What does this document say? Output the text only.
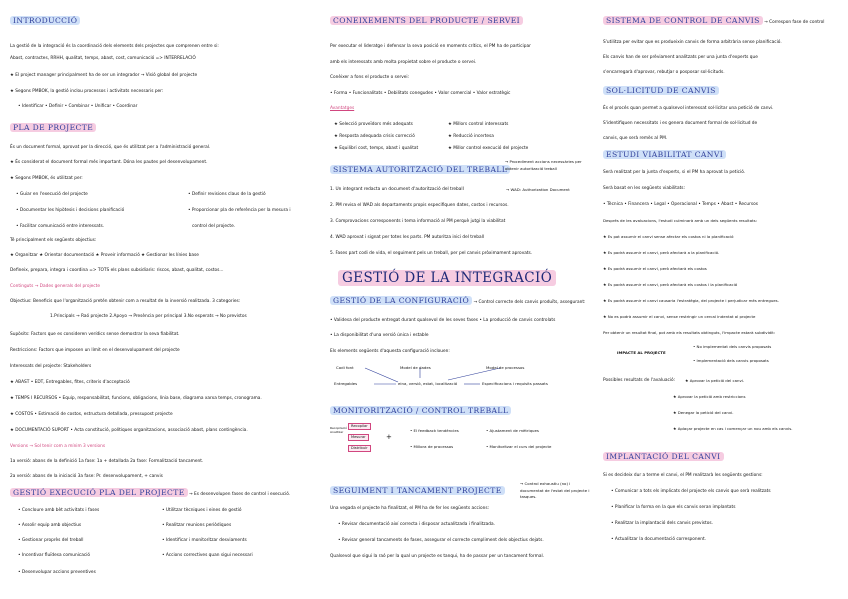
INTRODUCCIÓ
La gestió de la integració és la coordinació dels elements dels projectes que comprenen entre si:
Abast, contractes, RRHH, qualitat, temps, abast, cost, comunicació => INTERRELACIÓ
★ El project manager principalment ha de ser un integrador → Visió global del projecte
★ Segons PMBOK, la gestió inclou processos i activitats necessaris per:
• Identificar • Definir • Combinar • Unificar • Coordinar
PLA DE PROJECTE
És un document formal, aprovat per la direcció, que és utilitzat per a l'administració general.
★ És considerat el document formal més important. Dóna les pautes pel desenvolupament.
★ Segons PMBOK, és utilitzat per:
• Guiar en l'execució del projecte
• Documentar les hipòtesis i decisions planificació
• Facilitar comunicació entre interessats.
• Definir revisions claus de la gestió
• Proporcionar pla de referència per la mesura i
control del projecte.
Té principalment els següents objectius:
★ Organitzar ★ Orientar documentació ★ Proveir informació ★ Gestionar les línies base
Defineix, prepara, integra i coordina => TOTS els plans subsidiaris: riscos, abast, qualitat, costos...
Continguts → Dades generals del projecte
Objectius: Beneficis que l'organització pretén obtenir com a resultat de la inversió realitzada. 3 categories:
1.Principals → Raó projecte 2.Apoyo → Presència per principal 3.No esperats → No previstos
Supòsits: Factors que es consideren verídics sense demostrar la seva fiabilitat.
Restriccions: Factors que imposen un límit en el desenvolupament del projecte
Interessats del projecte: Stakeholders
★ ABAST • EDT, Entregables, fites, criteris d'acceptació
★ TEMPS I RECURSOS • Equip, responsabilitat, funcions, obligacions, línia base, diagrama xarxa temps, cronograma.
★ COSTOS • Estimació de costos, estructura detallada, pressupost projecte
★ DOCUMENTACIÓ SUPORT • Acta constitució, polítiques organitzacions, associació abast, plans contingència.
Versions → Sol tenir com a mínim 3 versions
1a versió: abans de la definició 1a fase: 1a + detallada 2a fase: Formalització tancament.
2a versió: abans de la iniciació 3a fase: Pr. desenvolupament, + canvis
GESTIÓ EXECUCIÓ PLA DEL PROJECTE → Es desenvolupen fases de control i execució.
• Concloure amb bèt activitats i fases
• Assolir equip amb objectius
• Gestionar proprès del treball
• Incentivar fluïdesa comunicació
• Desenvolupar accions preventives
• Utilitzar tècniques i eines de gestió
• Realitzar reunions periòdiques
• Identificar i monitoritzar desviaments
• Accions correctives quan sigui necessari
CONEIXEMENTS DEL PRODUCTE / SERVEI
Per executar el lideratge i defensar la seva posició en moments crítics, el PM ha de participar
amb els interessats amb molta propietat sobre el producte o servei.
Conèixer a fons el producte o servei:
• Forma • Funcionalitats • Debilitats conegudes • Valor comercial • Valor estratègic
Avantatges
★ Selecció proveïdors més adequats
★ Resposta adequada crisis correcció
★ Equilibri cost, temps, abast i qualitat
★ Millors control interessats
★ Reducció incertesa
★ Millor control execució del projecte
SISTEMA AUTORITZACIÓ DEL TREBALL
→ Procediment accions necessàries per obtenir autorització treball
1. Un integrant redacta un document d'autorització del treball	→ WAD: Authorization Document
2. PM revisa el WAD als departaments propis especifiquen dates, costos i recursos.
3. Comprovacions corresponents i tema informació al PM perquè jutgi la viabilitat
4. WAD aprovat i signat per totes les parts. PM autoritza inici del treball
5. Fases part codi de vida, el seguiment pels un treball, per pel canvis pròximament aprovats.
GESTIÓ DE LA INTEGRACIÓ
GESTIÓ DE LA CONFIGURACIÓ → Control correcte dels canvis produïts, assegurant:
• Validesa del producte entregat durant qualsevol de les seves fases • La producció de canvis controlats
• La disponibilitat d'una versió única i estable
Els elements següents d'aquesta configuració inclouen:
Codi font	Model de dades	Model de processos
Entregables	eina, versió, estat, localització	Especificacions i requisits passats
MONITORITZACIÓ / CONTROL TREBALL
Recopilació Analitzar
Recopilar
Mesurar
Distribuir
+
• El feedback tendències
• Millora de processos
• Ajustament de mètriques
• Monitoritzar el curs del projecte
SEGUIMENT I TANCAMENT PROJECTE
→ Control exhaustiu (no) i documentat de l'estat del projecte i tasques.
Una vegada el projecte ha finalitzat, el PM ha de fer les següents accions:
• Revisar documentació així correcta i disposar actualitzada i finalitzada.
• Revisar general tancaments de fases, assegurar el correcte compliment dels objectius dejats.
Qualsevol que sigui la raó per la qual un projecte es tanqui, ha de passar per un tancament formal.
SISTEMA DE CONTROL DE CANVIS → Correspon fase de control
S'utilitza per evitar que es produeixin canvis de forma arbitrària sense planificació.
Els canvis han de ser prèviament analitzats per una junta d'experts que
s'encarregarà d'aprovar, rebutjar o posposar sol·licituds.
SOL·LICITUD DE CANVIS
És el procés quan permet a qualsevol interessat sol·licitar una petició de canvi.
S'identifiquen necessitats i es genera document formal de sol·licitud de
canvis, que serà remès al PM.
ESTUDI VIABILITAT CANVI
Serà realitzat per la junta d'experts, si el PM ha aprovat la petició.
Serà basat en les següents viabilitats:
• Tècnica • Financera • Legal • Operacional • Temps • Abast • Recursos
Després de les avaluacions, l'estudi culminarà amb un dels següents resultats:
★ Es pot assumir el canvi sense afectar els costos ni la planificació
★ Es podrà assumir el canvi, però afectarà a la planificació.
★ Es podrà assumir el canvi, però afectarà els costos
★ Es podrà assumir el canvi, però afectarà els costos i la planificació
★ Es podrà assumir el canvi causaria l'estratègia, del projecte i perjudicar més entregues.
★ No es podrà assumir el canvi, sense restringir un cercal indentat al projecte
Per obtenir un resultat final, pot amb els resultats obtinguts, l'impacte estarà subdividit:
IMPACTE AL PROJECTE
• No implementat dels canvis proposats
• Implementació dels canvis proposats
Possibles resultats de l'avaluació:	★ Aprovar la petició del canvi.
★ Aprovar la petició amb restriccions
★ Denegar la petició del canvi.
★ Aplaçar projecte en cas i començar un nou amb els canvis.
IMPLANTACIÓ DEL CANVI
Si es decideix dur a terme el canvi, el PM realitzarà les següents gestions:
• Comunicar a tots els implicats del projecte els canvis que serà realitzats
• Planificar la forma en la que els canvis seran implantats
• Realitzar la implantació dels canvis previstos.
• Actualitzar la documentació corresponent.
